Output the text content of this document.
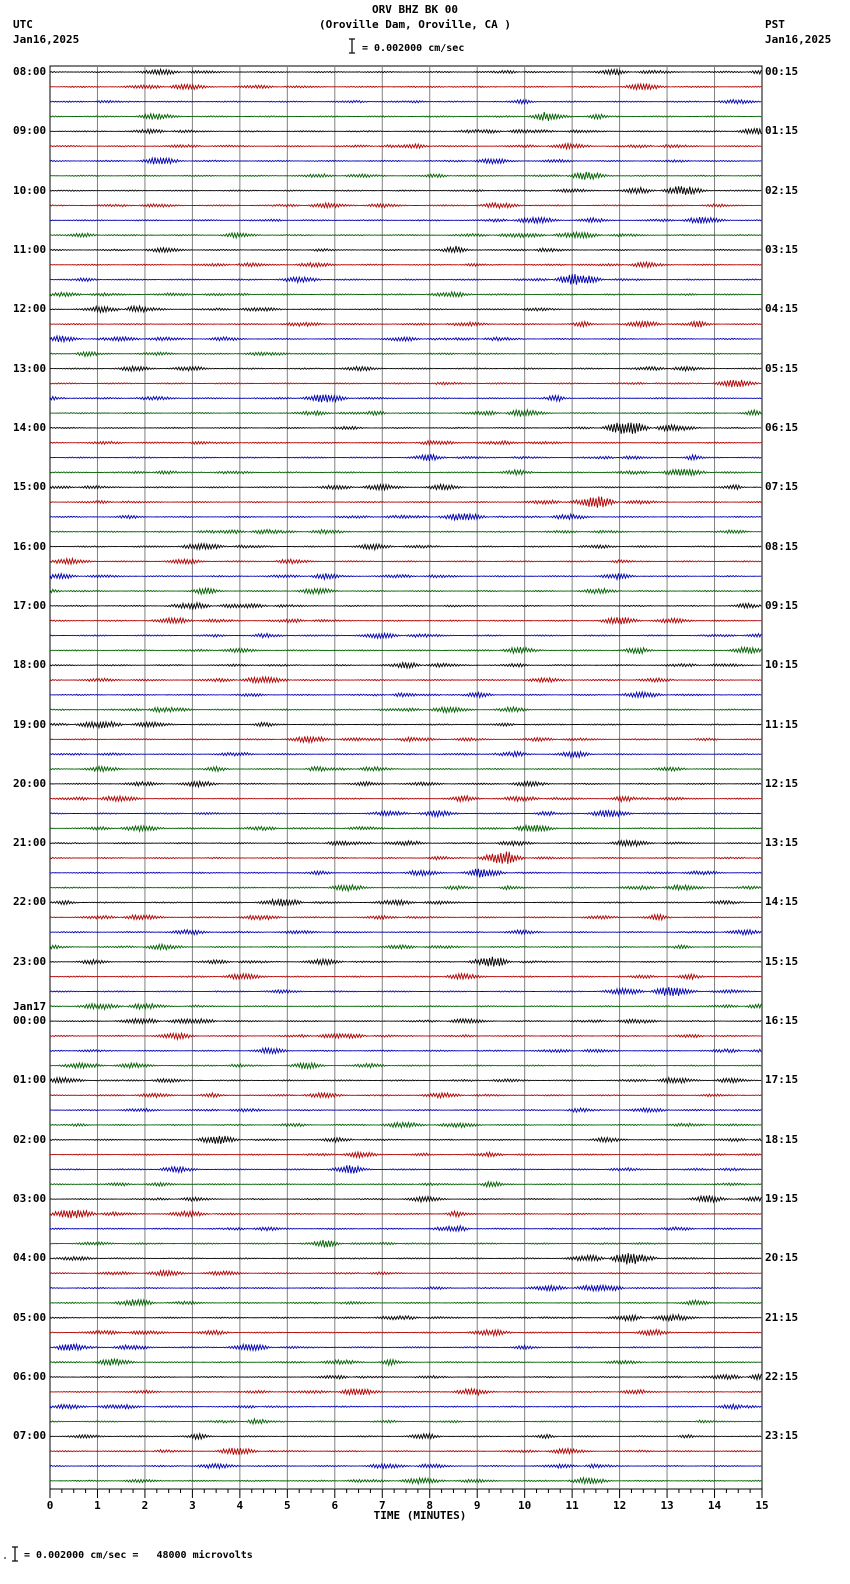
ORV BHZ BK 00
(Oroville Dam, Oroville, CA )
= 0.002000 cm/sec
UTC
Jan16,2025
PST
Jan16,2025
0	1	2	3	4	5	6	7	8	9	10	11	12	13	14	15
TIME (MINUTES)
= 0.002000 cm/sec =   48000 microvolts
08:00	00:15
09:00	01:15
10:00	02:15
11:00	03:15
12:00	04:15
13:00	05:15
14:00	06:15
15:00	07:15
16:00	08:15
17:00	09:15
18:00	10:15
19:00	11:15
20:00	12:15
21:00	13:15
22:00	14:15
23:00	15:15
00:00	16:15
Jan17
01:00	17:15
02:00	18:15
03:00	19:15
04:00	20:15
05:00	21:15
06:00	22:15
07:00	23:15
